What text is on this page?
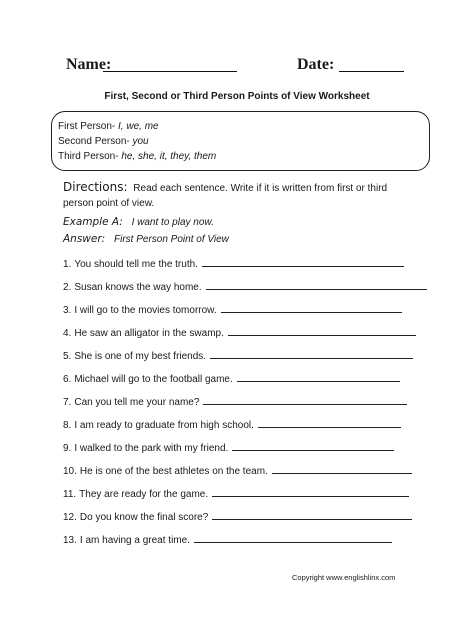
Name:	Date:
First, Second or Third Person Points of View Worksheet
First Person- I, we, me
Second Person- you
Third Person- he, she, it, they, them
Directions: Read each sentence. Write if it is written from first or third
person point of view.
Example A: I want to play now.
Answer: First Person Point of View
1. You should tell me the truth.
2. Susan knows the way home.
3. I will go to the movies tomorrow.
4. He saw an alligator in the swamp.
5. She is one of my best friends.
6. Michael will go to the football game.
7. Can you tell me your name?
8. I am ready to graduate from high school.
9. I walked to the park with my friend.
10. He is one of the best athletes on the team.
11. They are ready for the game.
12. Do you know the final score?
13. I am having a great time.
Copyright www.englishlinx.com
